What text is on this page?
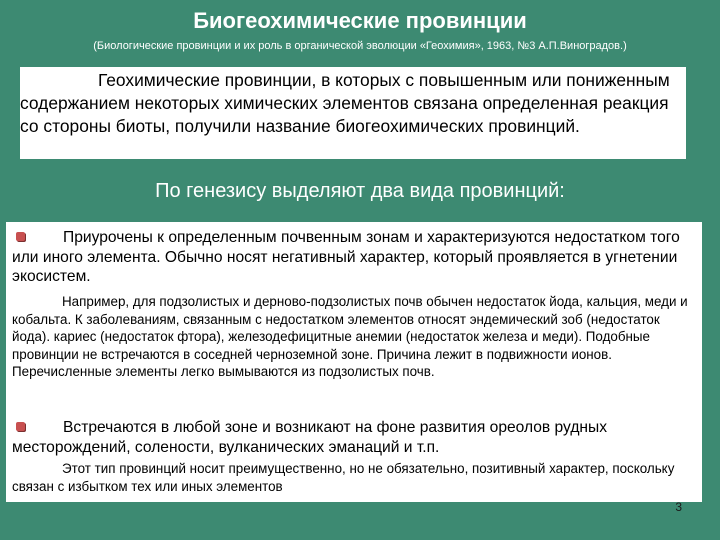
Биогеохимические провинции
(Биологические провинции и их роль в органической эволюции «Геохимия», 1963, №3 А.П.Виноградов.)

Геохимические провинции, в которых с повышенным или пониженным содержанием некоторых химических элементов связана определенная реакция со стороны биоты, получили название биогеохимических провинций.

По генезису выделяют два вида провинций:

Приурочены к определенным почвенным зонам и характеризуются недостатком того или иного элемента. Обычно носят негативный характер, который проявляется в угнетении экосистем.

Например, для подзолистых и дерново-подзолистых почв обычен недостаток йода, кальция, меди и кобальта. К заболеваниям, связанным с недостатком элементов относят эндемический зоб (недостаток йода). кариес (недостаток фтора), железодефицитные анемии (недостаток железа и меди). Подобные провинции не встречаются в соседней черноземной зоне. Причина лежит в подвижности ионов. Перечисленные элементы легко вымываются из подзолистых почв.

Встречаются в любой зоне и возникают на фоне развития ореолов рудных месторождений, солености, вулканических эманаций и т.п.

Этот тип провинций носит преимущественно, но не обязательно, позитивный характер, поскольку связан с избытком тех или иных элементов

3
